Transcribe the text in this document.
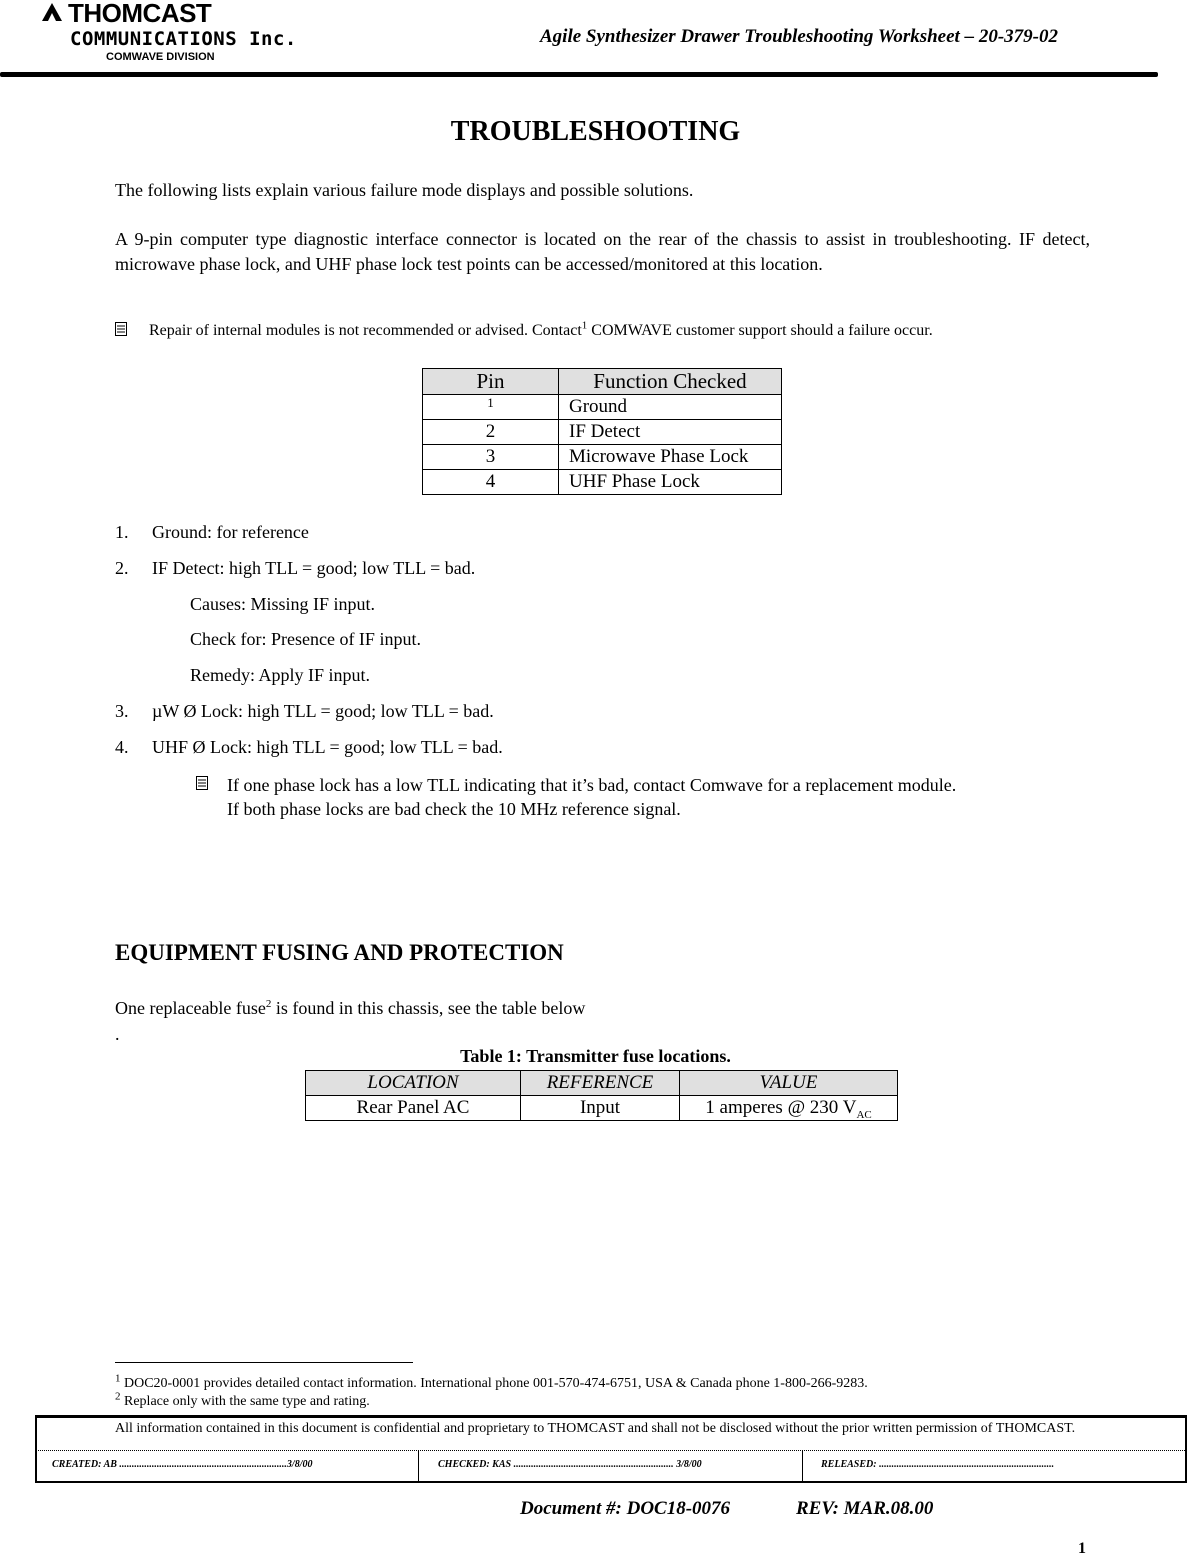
THOMCAST
COMMUNICATIONS Inc.
COMWAVE DIVISION
Agile Synthesizer Drawer Troubleshooting Worksheet – 20-379-02
TROUBLESHOOTING
The following lists explain various failure mode displays and possible solutions.
A 9-pin computer type diagnostic interface connector is located on the rear of the chassis to assist in troubleshooting. IF detect, microwave phase lock, and UHF phase lock test points can be accessed/monitored at this location.
Repair of internal modules is not recommended or advised. Contact$^1$ COMWAVE customer support should a failure occur.
Pin	Function Checked
1	Ground
2	IF Detect
3	Microwave Phase Lock
4	UHF Phase Lock
1. Ground: for reference
2. IF Detect: high TLL = good; low TLL = bad.
Causes: Missing IF input.
Check for: Presence of IF input.
Remedy: Apply IF input.
3. µW Ø Lock: high TLL = good; low TLL = bad.
4. UHF Ø Lock: high TLL = good; low TLL = bad.
If one phase lock has a low TLL indicating that it’s bad, contact Comwave for a replacement module.
If both phase locks are bad check the 10 MHz reference signal.
EQUIPMENT FUSING AND PROTECTION
One replaceable fuse$^2$ is found in this chassis, see the table below
.
Table 1: Transmitter fuse locations.
LOCATION	REFERENCE	VALUE
Rear Panel AC	Input	1 amperes @ 230 $V_{AC}$
$^1$ DOC20-0001 provides detailed contact information. International phone 001-570-474-6751, USA & Canada phone 1-800-266-9283.
$^2$ Replace only with the same type and rating.
All information contained in this document is confidential and proprietary to THOMCAST and shall not be disclosed without the prior written permission of THOMCAST.
CREATED: AB ...................................................................3/8/00	CHECKED: KAS ................................................................ 3/8/00	RELEASED: ......................................................................
Document #: DOC18-0076	REV: MAR.08.00
1
